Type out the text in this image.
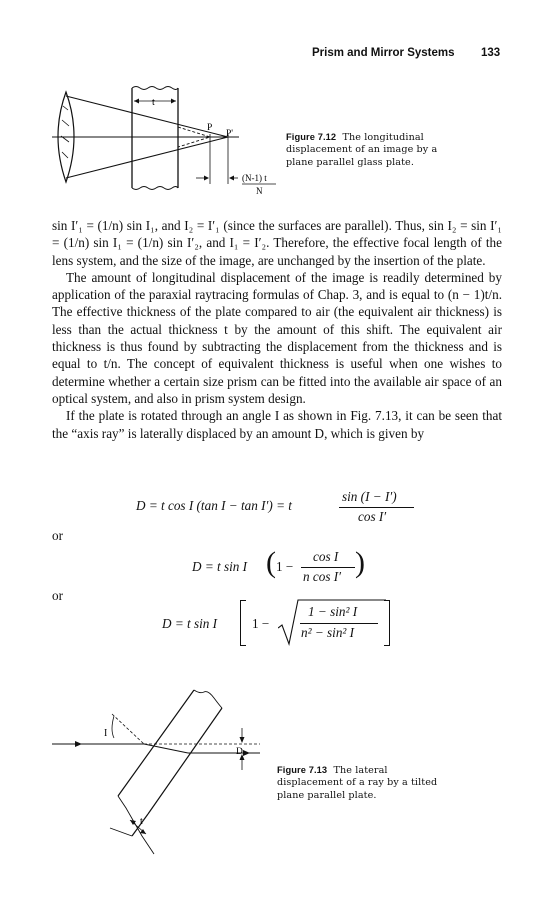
Prism and Mirror Systems 133
t
P
P'
(N-1) t
N
Figure 7.12 The longitudinal displacement of an image by a plane parallel glass plate.

sin I′₁ = (1/n) sin I₁, and I₂ = I′₁ (since the surfaces are parallel). Thus, sin I₂ = sin I′₁ = (1/n) sin I₁ = (1/n) sin I′₂, and I₁ = I′₂. Therefore, the effective focal length of the lens system, and the size of the image, are unchanged by the insertion of the plate.

The amount of longitudinal displacement of the image is readily determined by application of the paraxial raytracing formulas of Chap. 3, and is equal to (n − 1)t/n. The effective thickness of the plate compared to air (the equivalent air thickness) is less than the actual thickness t by the amount of this shift. The equivalent air thickness is thus found by subtracting the displacement from the thickness and is equal to t/n. The concept of equivalent thickness is useful when one wishes to determine whether a certain size prism can be fitted into the available air space of an optical system, and also in prism system design.

If the plate is rotated through an angle I as shown in Fig. 7.13, it can be seen that the “axis ray” is laterally displaced by an amount D, which is given by

D = t cos I (tan I − tan I′) = t
sin (I − I′)
cos I′
or
D = t sin I ( 1 −
cos I
n cos I′ )
or
D = t sin I	1 −
1 − sin² I
n² − sin² I
I
t
D
Figure 7.13 The lateral displacement of a ray by a tilted plane parallel plate.
